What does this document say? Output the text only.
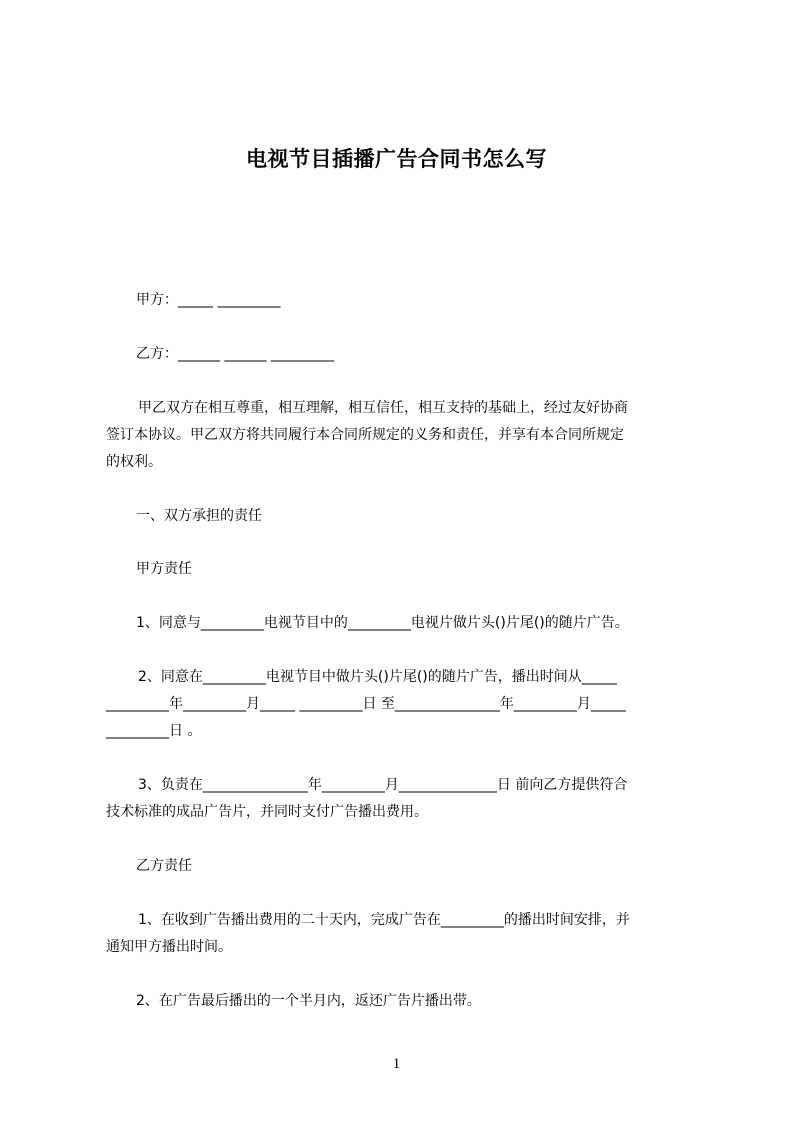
电视节目插播广告合同书怎么写
甲方：_____ _________
乙方：______ ______ _________
甲乙双方在相互尊重，相互理解，相互信任，相互支持的基础上，经过友好协商
签订本协议。甲乙双方将共同履行本合同所规定的义务和责任，并享有本合同所规定
的权利。
一、双方承担的责任
甲方责任
1、同意与_________电视节目中的_________电视片做片头()片尾()的随片广告。
2、同意在_________电视节目中做片头()片尾()的随片广告，播出时间从_____
_________年_________月_____ _________日 至_______________年_________月_____
_________日 。
3、负责在_______________年_________月______________日 前向乙方提供符合
技术标准的成品广告片，并同时支付广告播出费用。
乙方责任
1、在收到广告播出费用的二十天内，完成广告在_________的播出时间安排，并
通知甲方播出时间。
2、在广告最后播出的一个半月内，返还广告片播出带。
1
